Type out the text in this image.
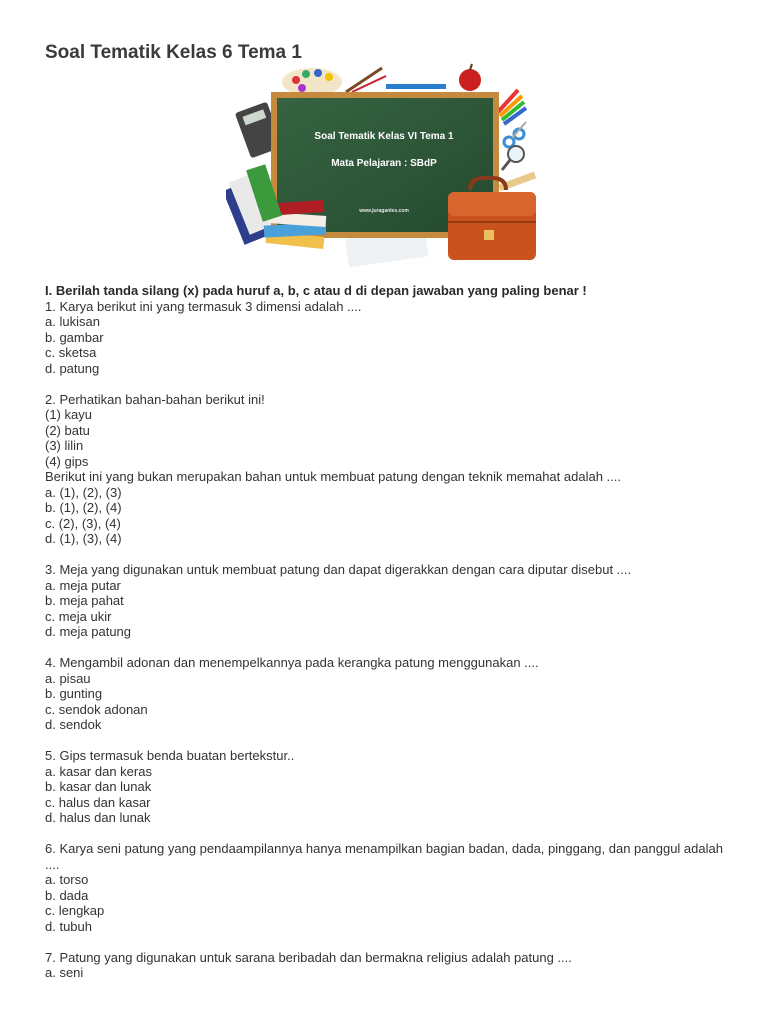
Soal Tematik Kelas 6 Tema 1
Soal Tematik Kelas VI Tema 1
Mata Pelajaran : SBdP
www.juraganles.com
I. Berilah tanda silang (x) pada huruf a, b, c atau d di depan jawaban yang paling benar !
1. Karya berikut ini yang termasuk 3 dimensi adalah ....
a. lukisan
b. gambar
c. sketsa
d. patung
2. Perhatikan bahan-bahan berikut ini!
(1) kayu
(2) batu
(3) lilin
(4) gips
Berikut ini yang bukan merupakan bahan untuk membuat patung dengan teknik memahat adalah ....
a. (1), (2), (3)
b. (1), (2), (4)
c. (2), (3), (4)
d. (1), (3), (4)
3. Meja yang digunakan untuk membuat patung dan dapat digerakkan dengan cara diputar disebut ....
a. meja putar
b. meja pahat
c. meja ukir
d. meja patung
4. Mengambil adonan dan menempelkannya pada kerangka patung menggunakan ....
a. pisau
b. gunting
c. sendok adonan
d. sendok
5. Gips termasuk benda buatan bertekstur..
a. kasar dan keras
b. kasar dan lunak
c. halus dan kasar
d. halus dan lunak
6. Karya seni patung yang pendaampilannya hanya menampilkan bagian badan, dada, pinggang, dan panggul adalah ....
a. torso
b. dada
c. lengkap
d. tubuh
7. Patung yang digunakan untuk sarana beribadah dan bermakna religius adalah patung ....
a. seni
